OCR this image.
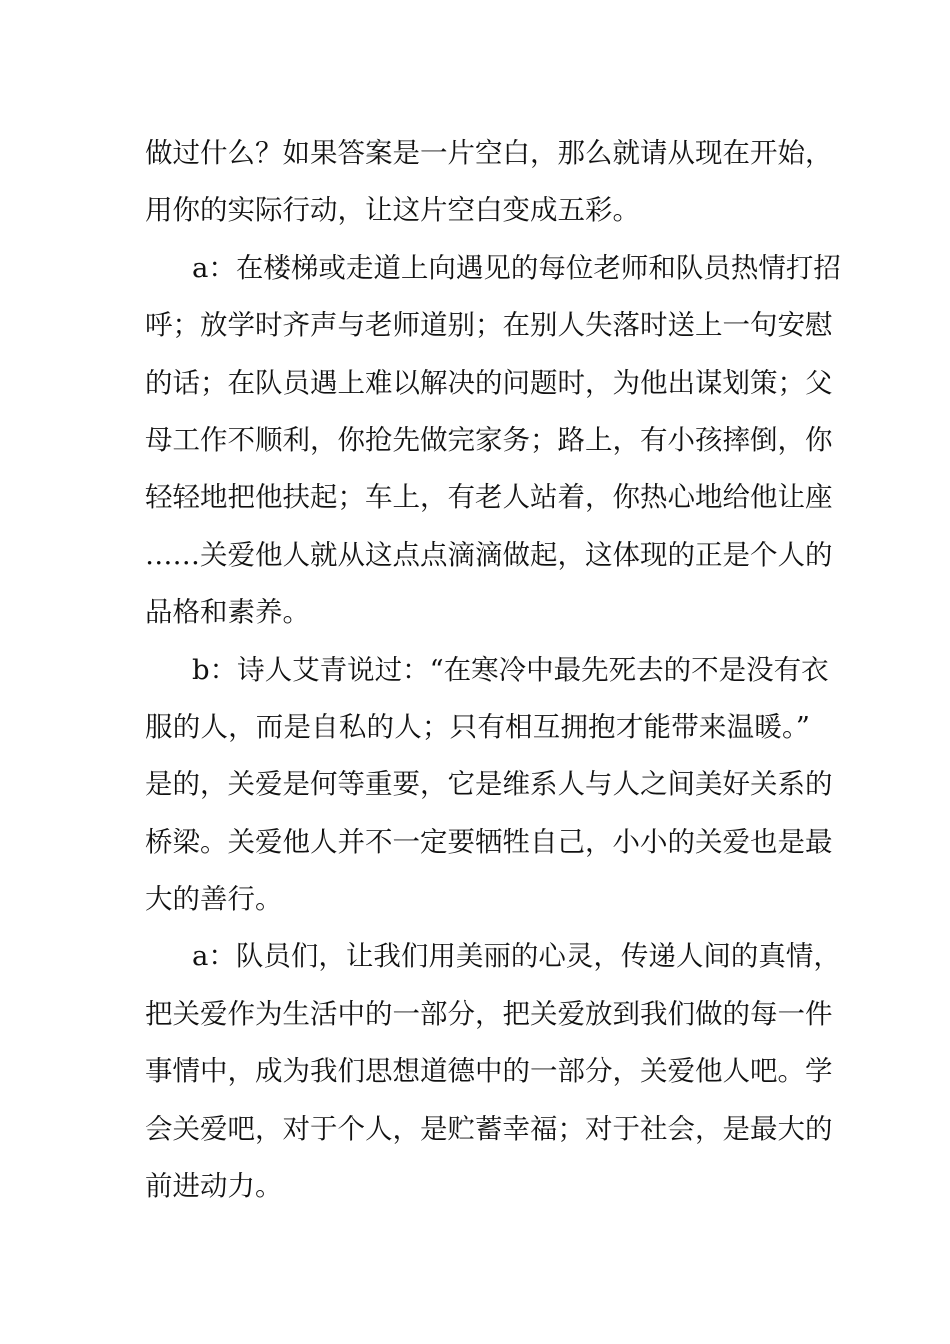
做过什么？如果答案是一片空白，那么就请从现在开始，
用你的实际行动，让这片空白变成五彩。
a：在楼梯或走道上向遇见的每位老师和队员热情打招
呼；放学时齐声与老师道别；在别人失落时送上一句安慰
的话；在队员遇上难以解决的问题时，为他出谋划策；父
母工作不顺利，你抢先做完家务；路上，有小孩摔倒，你
轻轻地把他扶起；车上，有老人站着，你热心地给他让座
……关爱他人就从这点点滴滴做起，这体现的正是个人的
品格和素养。
b：诗人艾青说过：“在寒冷中最先死去的不是没有衣
服的人，而是自私的人；只有相互拥抱才能带来温暖。”
是的，关爱是何等重要，它是维系人与人之间美好关系的
桥梁。关爱他人并不一定要牺牲自己，小小的关爱也是最
大的善行。
a：队员们，让我们用美丽的心灵，传递人间的真情，
把关爱作为生活中的一部分，把关爱放到我们做的每一件
事情中，成为我们思想道德中的一部分，关爱他人吧。学
会关爱吧，对于个人，是贮蓄幸福；对于社会，是最大的
前进动力。
